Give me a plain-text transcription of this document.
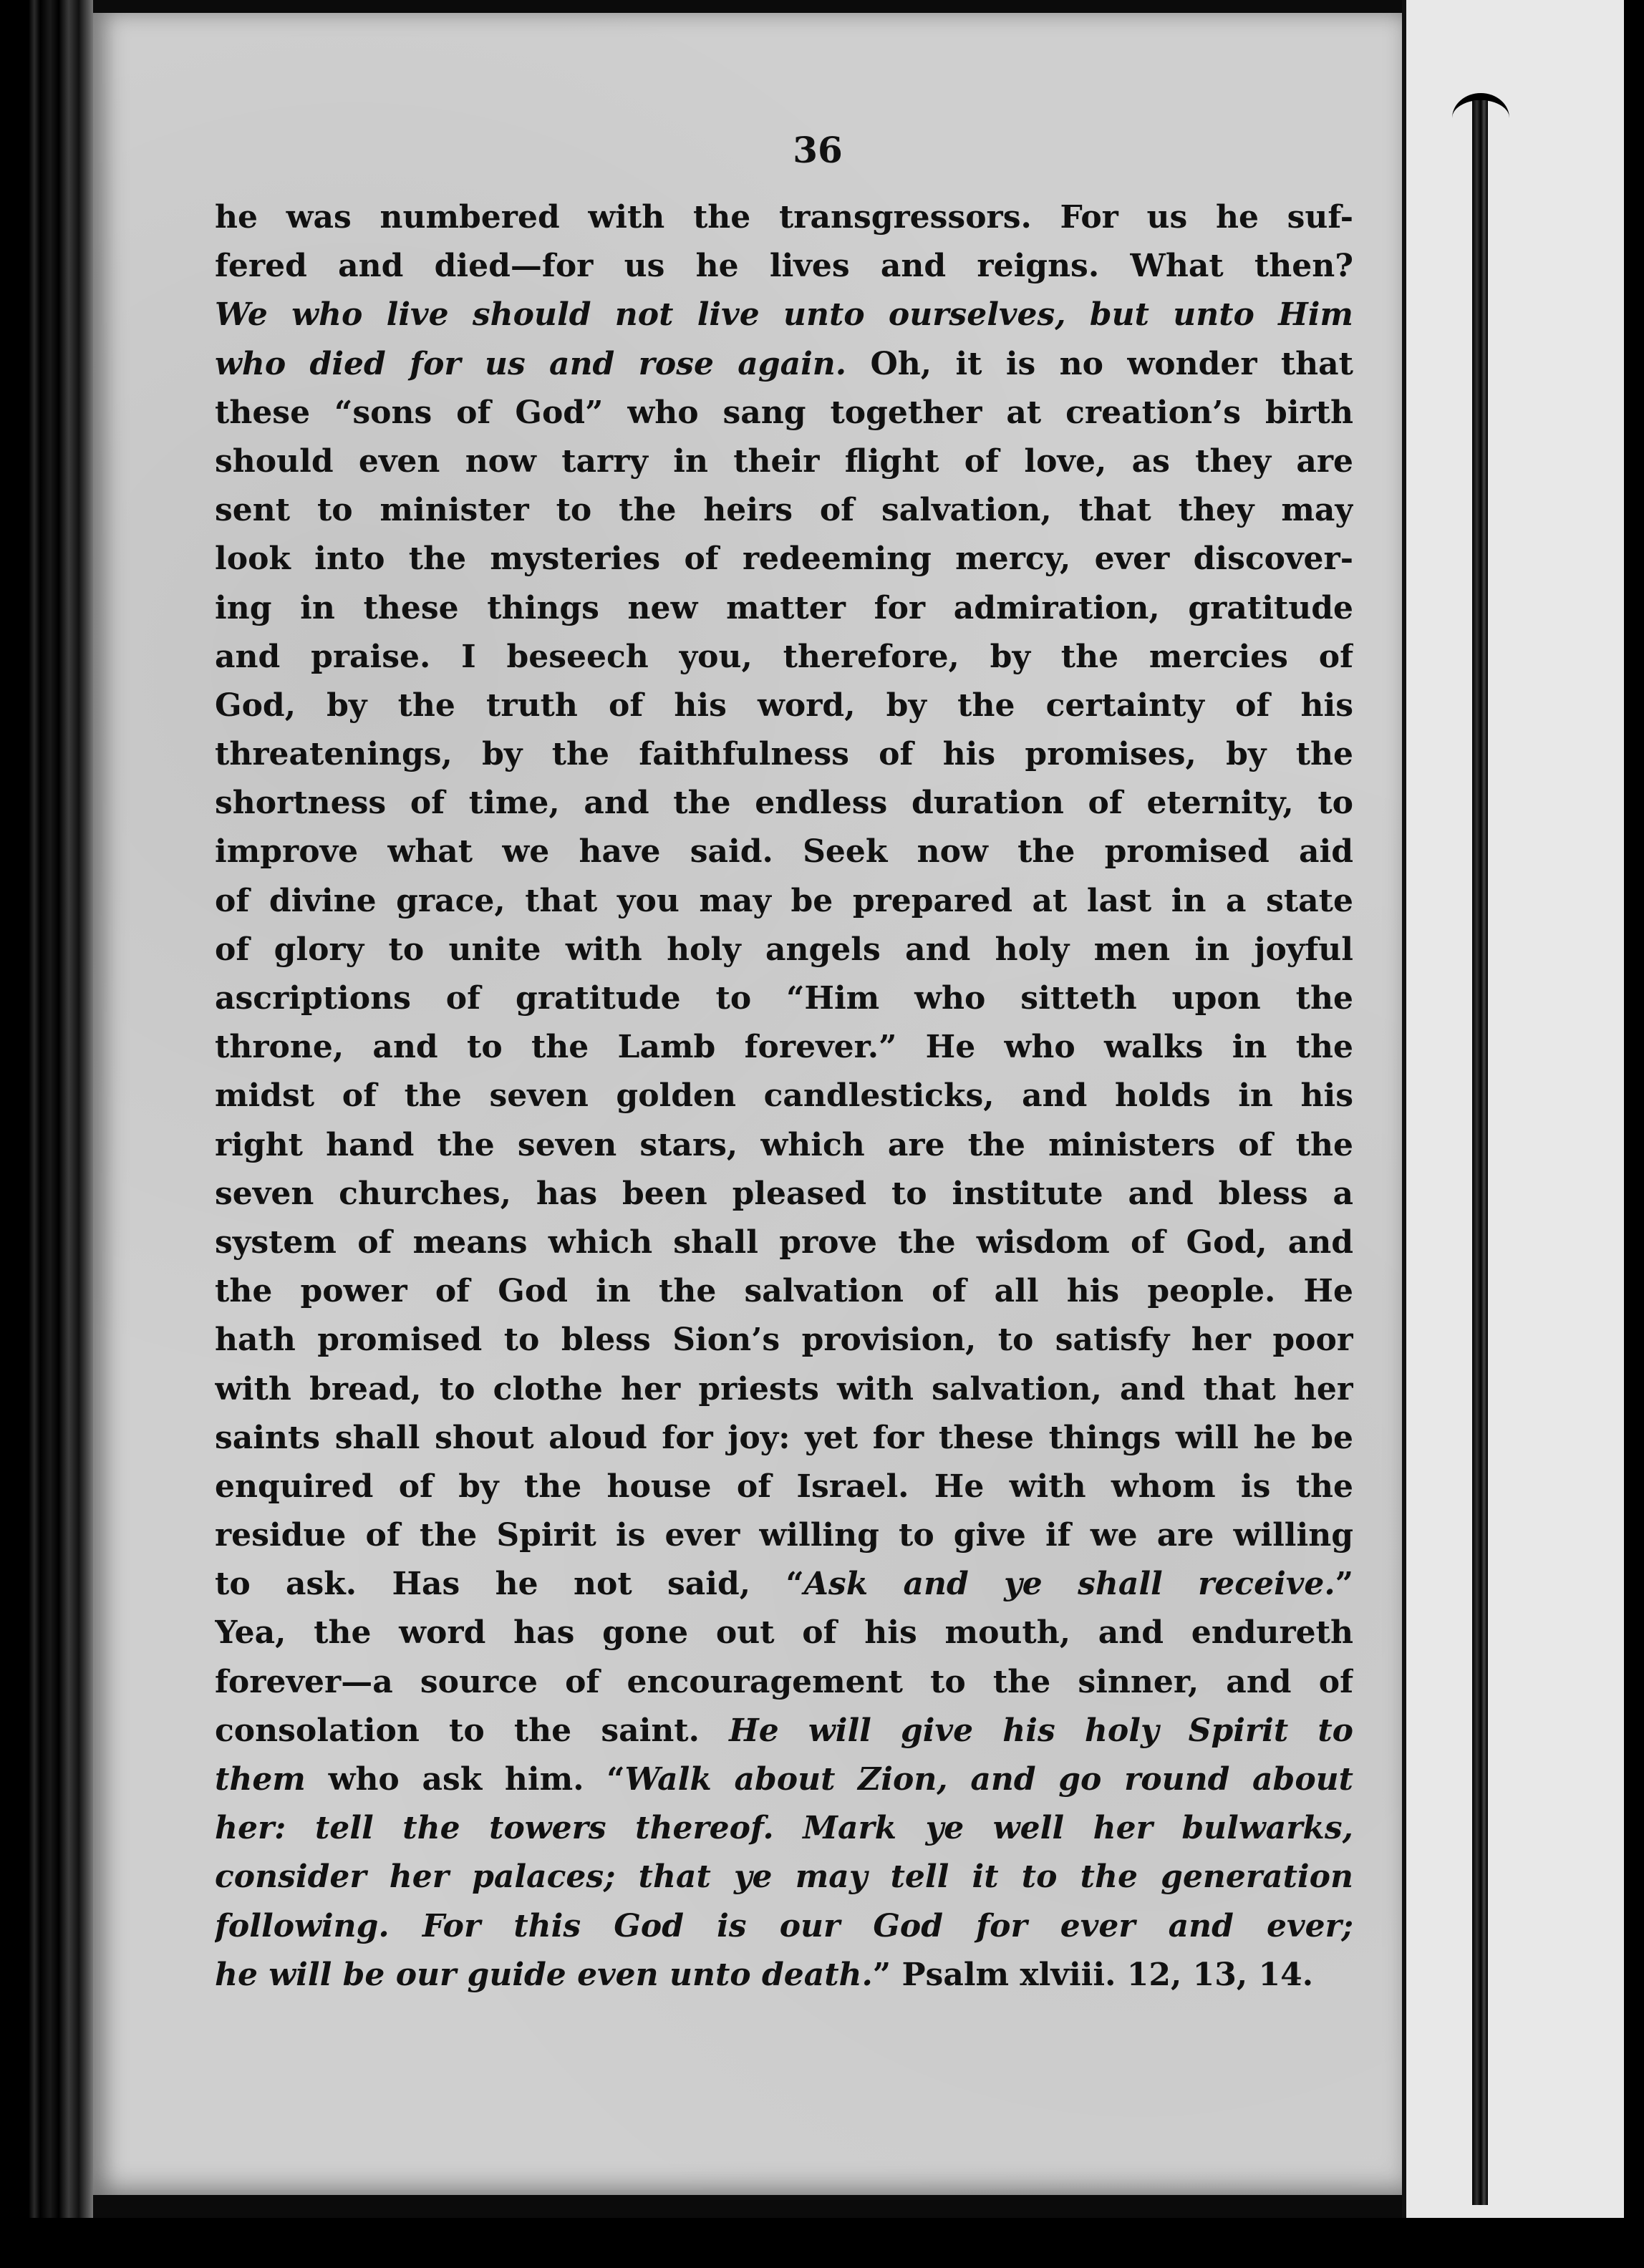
36
he was numbered with the transgressors. For us he suf-
fered and died—for us he lives and reigns. What then?
We who live should not live unto ourselves, but unto Him
who died for us and rose again. Oh, it is no wonder that
these “sons of God” who sang together at creation’s birth
should even now tarry in their flight of love, as they are
sent to minister to the heirs of salvation, that they may
look into the mysteries of redeeming mercy, ever discover-
ing in these things new matter for admiration, gratitude
and praise. I beseech you, therefore, by the mercies of
God, by the truth of his word, by the certainty of his
threatenings, by the faithfulness of his promises, by the
shortness of time, and the endless duration of eternity, to
improve what we have said. Seek now the promised aid
of divine grace, that you may be prepared at last in a state
of glory to unite with holy angels and holy men in joyful
ascriptions of gratitude to “Him who sitteth upon the
throne, and to the Lamb forever.” He who walks in the
midst of the seven golden candlesticks, and holds in his
right hand the seven stars, which are the ministers of the
seven churches, has been pleased to institute and bless a
system of means which shall prove the wisdom of God, and
the power of God in the salvation of all his people. He
hath promised to bless Sion’s provision, to satisfy her poor
with bread, to clothe her priests with salvation, and that her
saints shall shout aloud for joy: yet for these things will he be
enquired of by the house of Israel. He with whom is the
residue of the Spirit is ever willing to give if we are willing
to ask. Has he not said, “Ask and ye shall receive.”
Yea, the word has gone out of his mouth, and endureth
forever—a source of encouragement to the sinner, and of
consolation to the saint. He will give his holy Spirit to
them who ask him. “Walk about Zion, and go round about
her: tell the towers thereof. Mark ye well her bulwarks,
consider her palaces; that ye may tell it to the generation
following. For this God is our God for ever and ever;
he will be our guide even unto death.” Psalm xlviii. 12, 13, 14.
